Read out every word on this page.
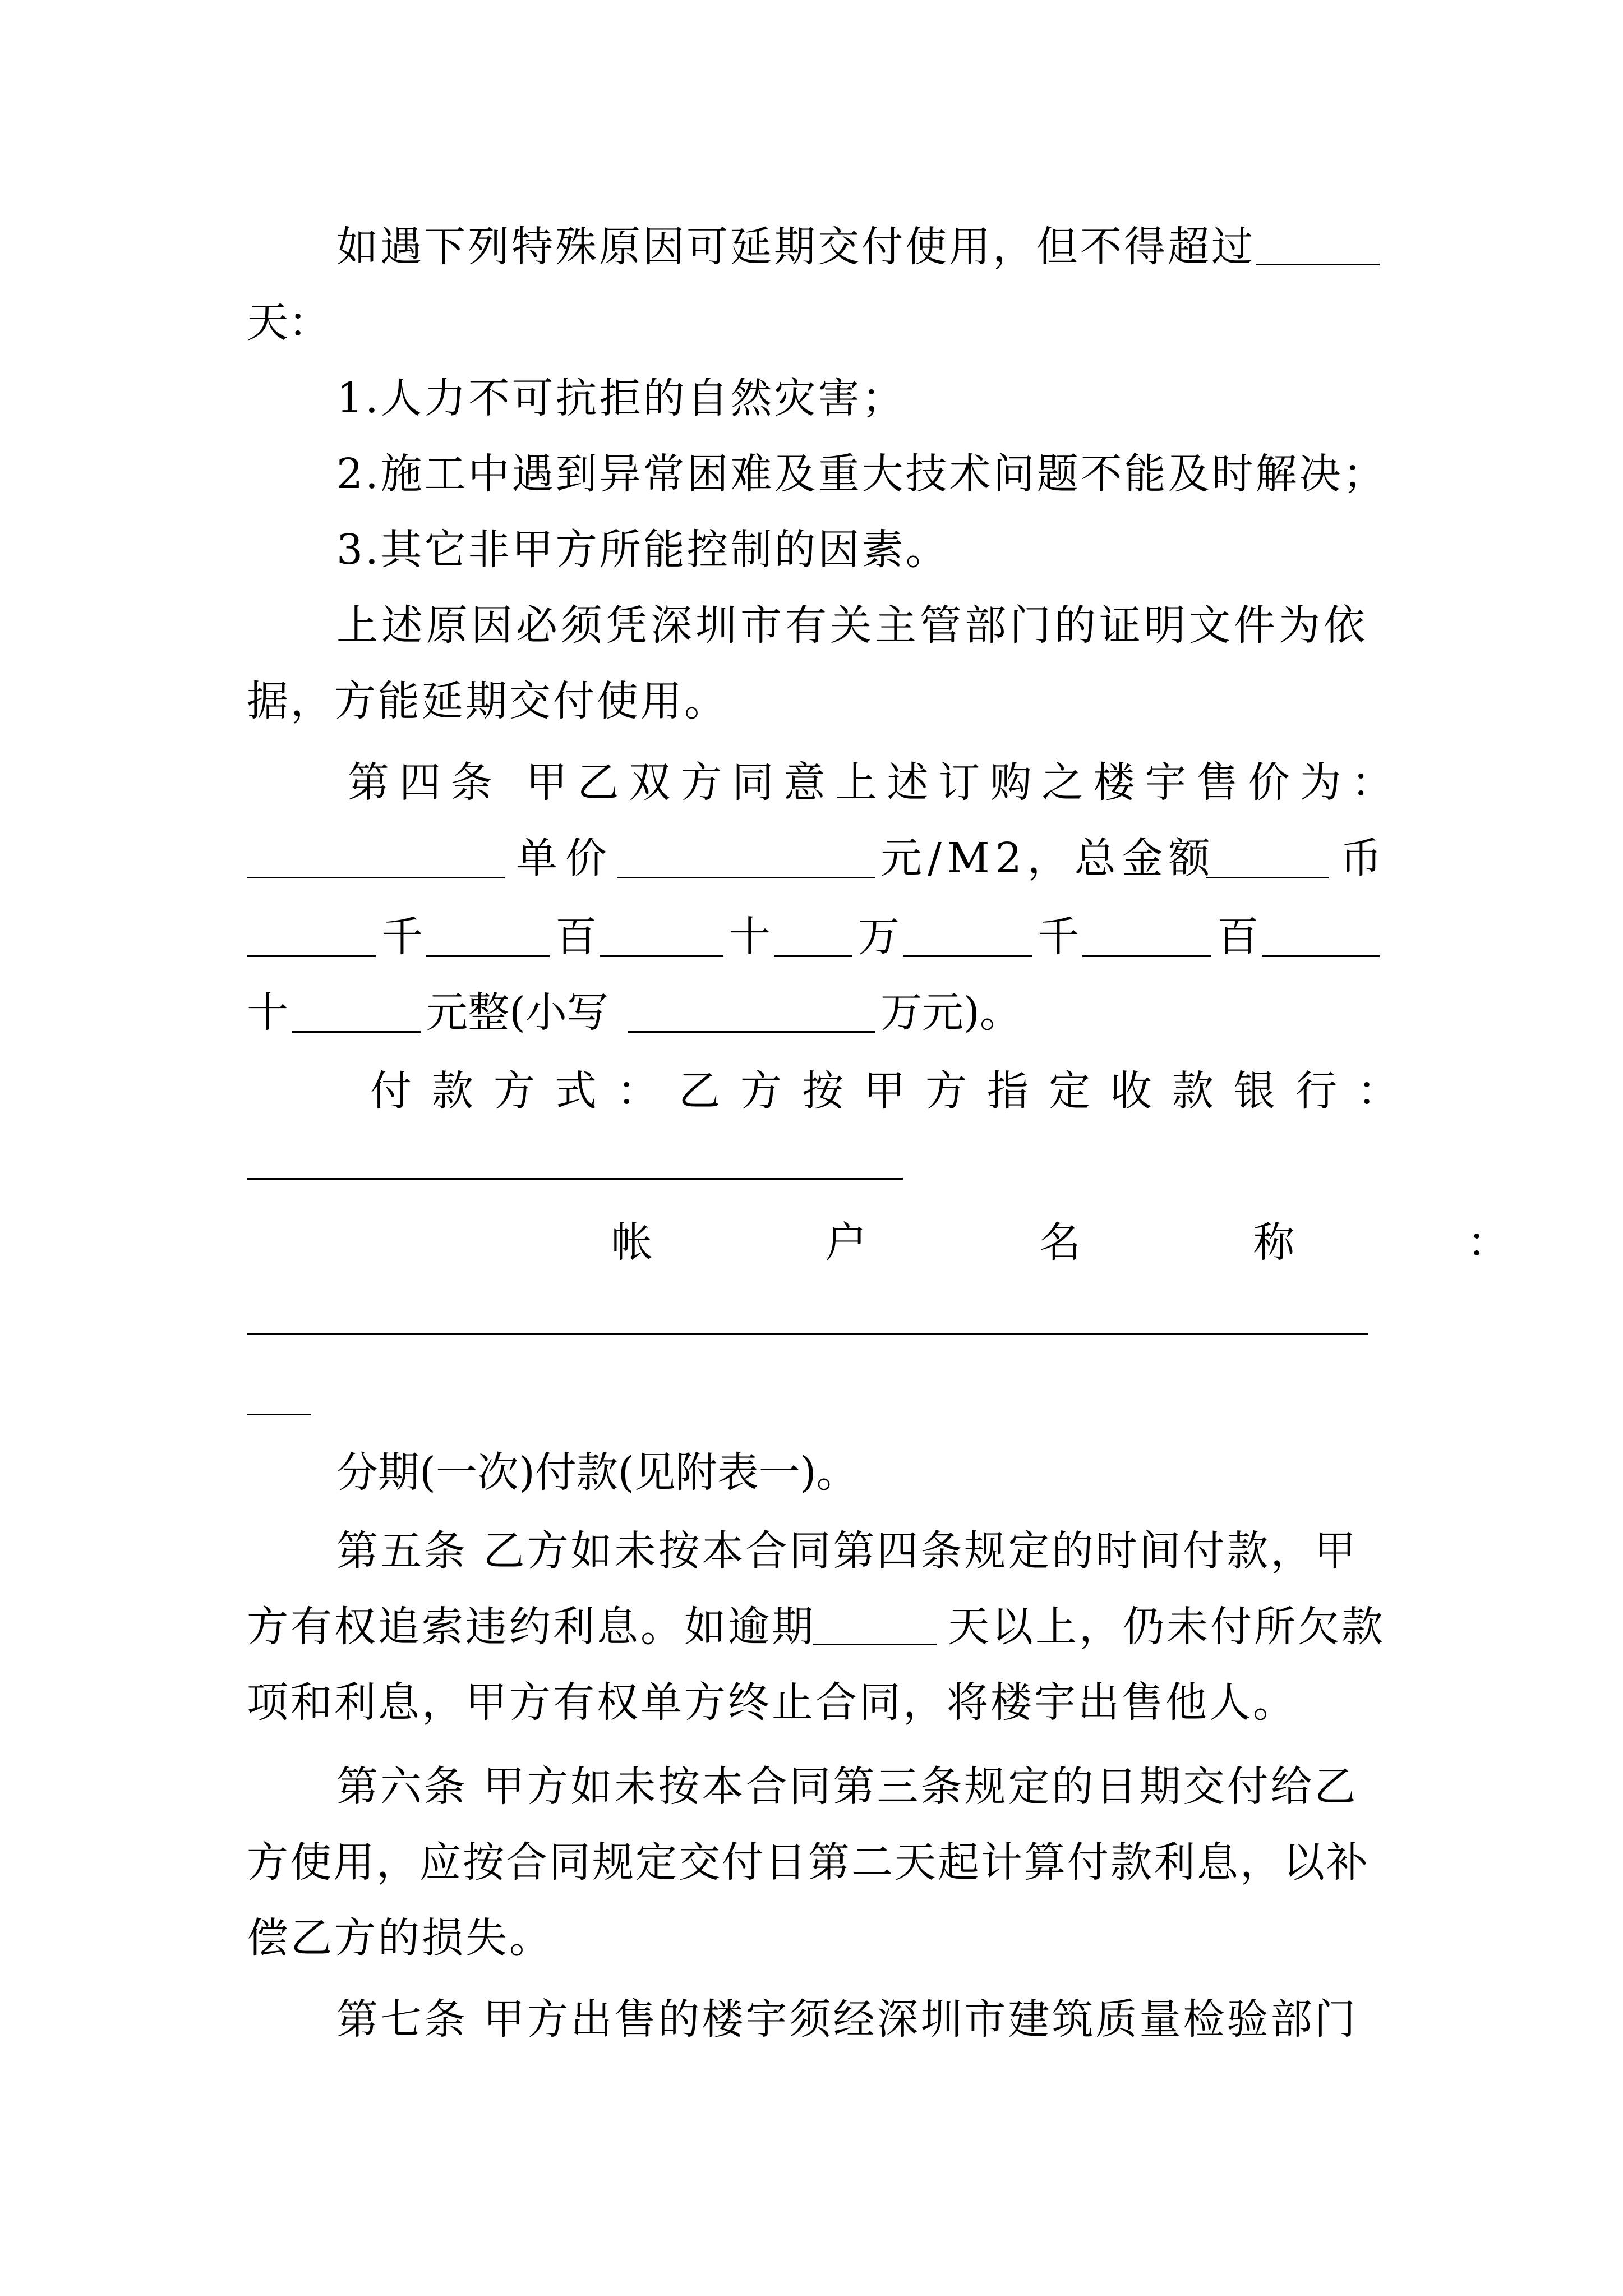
如遇下列特殊原因可延期交付使用，但不得超过
天：
1.人力不可抗拒的自然灾害；
2.施工中遇到异常困难及重大技术问题不能及时解决；
3.其它非甲方所能控制的因素。
上述原因必须凭深圳市有关主管部门的证明文件为依
据，方能延期交付使用。
第四条 甲乙双方同意上述订购之楼宇售价为：
单价	元/M2，总金额	币
千	百	十 万	千	百
十	元整(小写	万元)。
付款方式：乙方按甲方指定收款银行：
帐	户	名	称	：
分期(一次)付款(见附表一)。
第五条 乙方如未按本合同第四条规定的时间付款，甲
方有权追索违约利息。如逾期	天以上，仍未付所欠款
项和利息，甲方有权单方终止合同，将楼宇出售他人。
第六条 甲方如未按本合同第三条规定的日期交付给乙
方使用，应按合同规定交付日第二天起计算付款利息，以补
偿乙方的损失。
第七条 甲方出售的楼宇须经深圳市建筑质量检验部门
